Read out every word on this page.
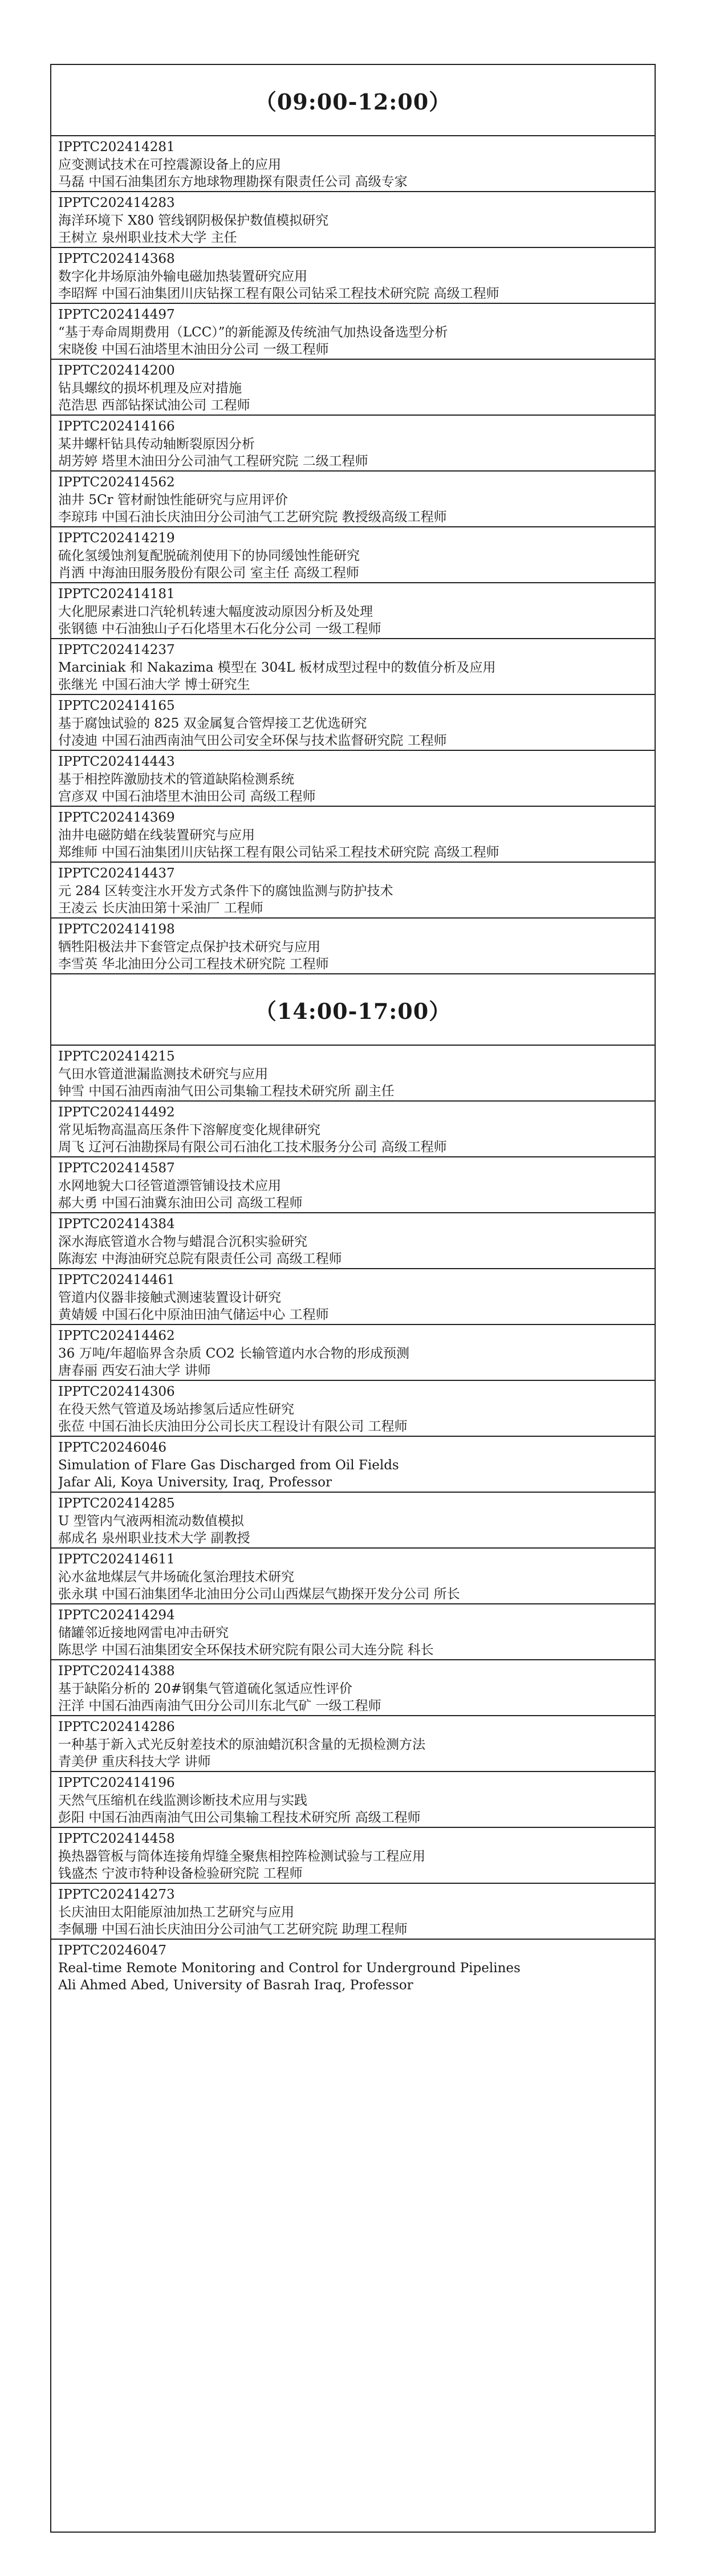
（09:00-12:00）
IPPTC202414281
应变测试技术在可控震源设备上的应用
马磊 中国石油集团东方地球物理勘探有限责任公司 高级专家
IPPTC202414283
海洋环境下 X80 管线钢阴极保护数值模拟研究
王树立 泉州职业技术大学 主任
IPPTC202414368
数字化井场原油外输电磁加热装置研究应用
李昭辉 中国石油集团川庆钻探工程有限公司钻采工程技术研究院 高级工程师
IPPTC202414497
“基于寿命周期费用（LCC）”的新能源及传统油气加热设备选型分析
宋晓俊 中国石油塔里木油田分公司 一级工程师
IPPTC202414200
钻具螺纹的损坏机理及应对措施
范浩思 西部钻探试油公司 工程师
IPPTC202414166
某井螺杆钻具传动轴断裂原因分析
胡芳婷 塔里木油田分公司油气工程研究院 二级工程师
IPPTC202414562
油井 5Cr 管材耐蚀性能研究与应用评价
李琼玮 中国石油长庆油田分公司油气工艺研究院 教授级高级工程师
IPPTC202414219
硫化氢缓蚀剂复配脱硫剂使用下的协同缓蚀性能研究
肖洒 中海油田服务股份有限公司 室主任 高级工程师
IPPTC202414181
大化肥尿素进口汽轮机转速大幅度波动原因分析及处理
张钢德 中石油独山子石化塔里木石化分公司 一级工程师
IPPTC202414237
Marciniak 和 Nakazima 模型在 304L 板材成型过程中的数值分析及应用
张继光 中国石油大学 博士研究生
IPPTC202414165
基于腐蚀试验的 825 双金属复合管焊接工艺优选研究
付凌迪 中国石油西南油气田公司安全环保与技术监督研究院 工程师
IPPTC202414443
基于相控阵激励技术的管道缺陷检测系统
宫彦双 中国石油塔里木油田公司 高级工程师
IPPTC202414369
油井电磁防蜡在线装置研究与应用
郑维师 中国石油集团川庆钻探工程有限公司钻采工程技术研究院 高级工程师
IPPTC202414437
元 284 区转变注水开发方式条件下的腐蚀监测与防护技术
王凌云 长庆油田第十采油厂 工程师
IPPTC202414198
牺牲阳极法井下套管定点保护技术研究与应用
李雪英 华北油田分公司工程技术研究院 工程师
（14:00-17:00）
IPPTC202414215
气田水管道泄漏监测技术研究与应用
钟雪 中国石油西南油气田公司集输工程技术研究所 副主任
IPPTC202414492
常见垢物高温高压条件下溶解度变化规律研究
周飞 辽河石油勘探局有限公司石油化工技术服务分公司 高级工程师
IPPTC202414587
水网地貌大口径管道漂管铺设技术应用
郝大勇 中国石油冀东油田公司 高级工程师
IPPTC202414384
深水海底管道水合物与蜡混合沉积实验研究
陈海宏 中海油研究总院有限责任公司 高级工程师
IPPTC202414461
管道内仪器非接触式测速装置设计研究
黄婧媛 中国石化中原油田油气储运中心 工程师
IPPTC202414462
36 万吨/年超临界含杂质 CO2 长输管道内水合物的形成预测
唐春丽 西安石油大学 讲师
IPPTC202414306
在役天然气管道及场站掺氢后适应性研究
张莅 中国石油长庆油田分公司长庆工程设计有限公司 工程师
IPPTC20246046
Simulation of Flare Gas Discharged from Oil Fields
Jafar Ali, Koya University, Iraq, Professor
IPPTC202414285
U 型管内气液两相流动数值模拟
郝成名 泉州职业技术大学 副教授
IPPTC202414611
沁水盆地煤层气井场硫化氢治理技术研究
张永琪 中国石油集团华北油田分公司山西煤层气勘探开发分公司 所长
IPPTC202414294
储罐邻近接地网雷电冲击研究
陈思学 中国石油集团安全环保技术研究院有限公司大连分院 科长
IPPTC202414388
基于缺陷分析的 20#钢集气管道硫化氢适应性评价
汪洋 中国石油西南油气田分公司川东北气矿 一级工程师
IPPTC202414286
一种基于新入式光反射差技术的原油蜡沉积含量的无损检测方法
青美伊 重庆科技大学 讲师
IPPTC202414196
天然气压缩机在线监测诊断技术应用与实践
彭阳 中国石油西南油气田公司集输工程技术研究所 高级工程师
IPPTC202414458
换热器管板与筒体连接角焊缝全聚焦相控阵检测试验与工程应用
钱盛杰 宁波市特种设备检验研究院 工程师
IPPTC202414273
长庆油田太阳能原油加热工艺研究与应用
李佩珊 中国石油长庆油田分公司油气工艺研究院 助理工程师
IPPTC20246047
Real-time Remote Monitoring and Control for Underground Pipelines
Ali Ahmed Abed, University of Basrah Iraq, Professor
